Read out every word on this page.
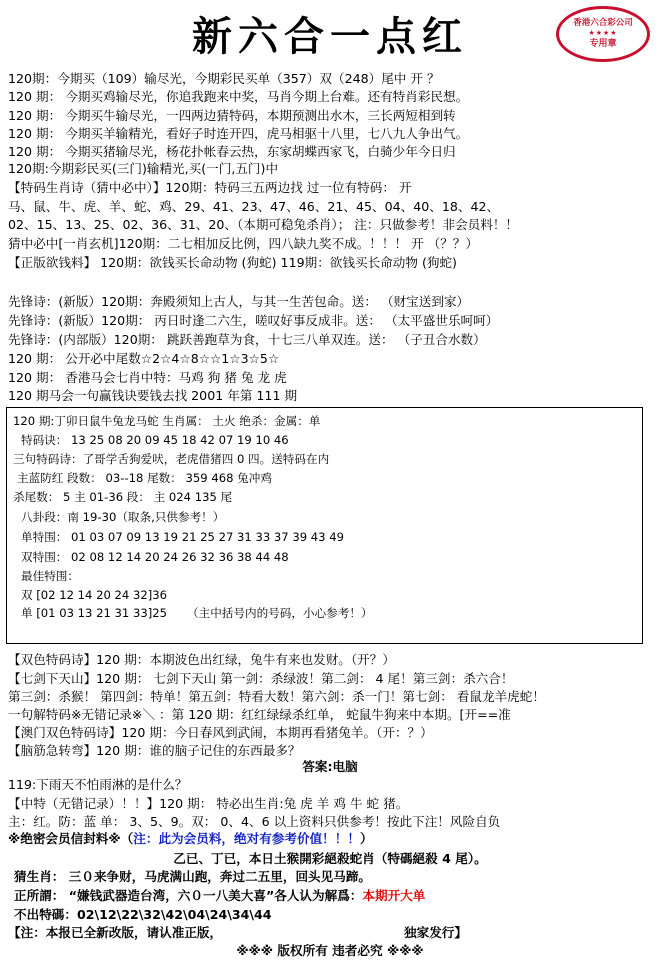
新六合一点红	香港六合彩公司
★★★★
专用章
120期：今期买（109）输尽光，今期彩民买单（357）双（248）尾中 开 ？
120 期： 今期买鸡输尽光，你追我跑来中奖，马肖今期上台难。还有特肖彩民想。
120 期： 今期买牛输尽光，一四两边猜特码，本期预测出水木，三长两短相到转
120 期： 今期买羊输精光，看好子时连开四，虎马相驱十八里，七八九人争出气。
120 期： 今期买猪输尽光，杨花扑帐春云热，东家胡蝶西家飞，白骑少年今日归
120期:今期彩民买(三门)输精光,买(一门,五门)中
【特码生肖诗（猜中必中）】120期：特码三五两边找 过一位有特码： 开
马、鼠、牛、虎、羊、蛇、鸡、29、41、23、47、46、21、45、04、40、18、42、
02、15、13、25、02、36、31、20、（本期可稳兔杀肖）； 注：只做参考！非会员料！！
猜中必中[一肖玄机]120期：二七相加反比例，四八缺九奖不成。！！！ 开 （？？）
【正版欲钱料】 120期：欲钱买长命动物 (狗蛇) 119期：欲钱买长命动物 (狗蛇)
先锋诗：(新版）120期：奔殿须知上古人，与其一生苦包命。送： （财宝送到家）
先锋诗：(新版）120期： 丙日时逢二六生，嗟叹好事反成非。送： （太平盛世乐呵呵）
先锋诗：(内部版）120期： 跳跃善跑草为食，十七三八单双连。送： （子丑合水数）
120 期： 公开必中尾数☆2☆4☆8☆☆1☆3☆5☆
120 期： 香港马会七肖中特：马鸡 狗 猪 兔 龙 虎
120 期马会一句赢钱诀要钱去找 2001 年第 111 期
120 期:丁卯日鼠牛兔龙马蛇 生肖属： 土火 绝杀：金属：单
特码诀： 13 25 08 20 09 45 18 42 07 19 10 46
三句特码诗：了哥学舌狗爱吠，老虎借猪四 0 四。送特码在内
主蓝防红 段数： 03--18 尾数： 359 468 兔冲鸡
杀尾数： 5 主 01-36 段： 主 024 135 尾
八卦段：南 19-30（取条,只供参考！）
单特围： 01 03 07 09 13 19 21 25 27 31 33 37 39 43 49
双特围： 02 08 12 14 20 24 26 32 36 38 44 48
最佳特围：
双 [02 12 14 20 24 32]36
单 [01 03 13 21 31 33]25 （主中括号内的号码，小心参考！）
【双色特码诗】120 期：本期波色出红绿，兔牛有来也发财。（开？）
【七剑下天山】120 期： 七剑下天山 第一剑：杀绿波！第二剑： 4 尾！第三剑：杀六合！
第三剑：杀猴！ 第四剑：特单！第五剑：特看大数！第六剑：杀一门！第七剑： 看鼠龙羊虎蛇！
一句解特码※无错记录※＼ ：第 120 期：红红绿绿杀红单， 蛇鼠牛狗来中本期。[开==准
【澳门双色特码诗】120 期：今日春风到武闹，本期再看猪兔羊。（开：？）
【脑筋急转弯】120 期：谁的脑子记住的东西最多？
答案:电脑
119:下雨天不怕雨淋的是什么？
【中特（无错记录）！！】120 期： 特必出生肖:兔 虎 羊 鸡 牛 蛇 猪。
主：红。防：蓝 单： 3、5、9。双： 0、4、6 以上资料只供参考！按此下注！风险自负
※绝密会员信封料※（注：此为会员料，绝对有参考价值！！！）
乙已、丁已，本日土猴開彩絕殺蛇肖（特碼絕殺 4 尾）。
猜生肖： 三０来争财，马虎满山跑，奔过二五里，回头见马蹄。
正所謂： “嫌钱武器造台湾，六０一八美大喜”各人认为解爲：本期开大单
不出特碼：02\12\22\32\42\04\24\34\44
【注：本报已全新改版，请认准正版，	独家发行】
※※※ 版权所有 违者必究 ※※※
